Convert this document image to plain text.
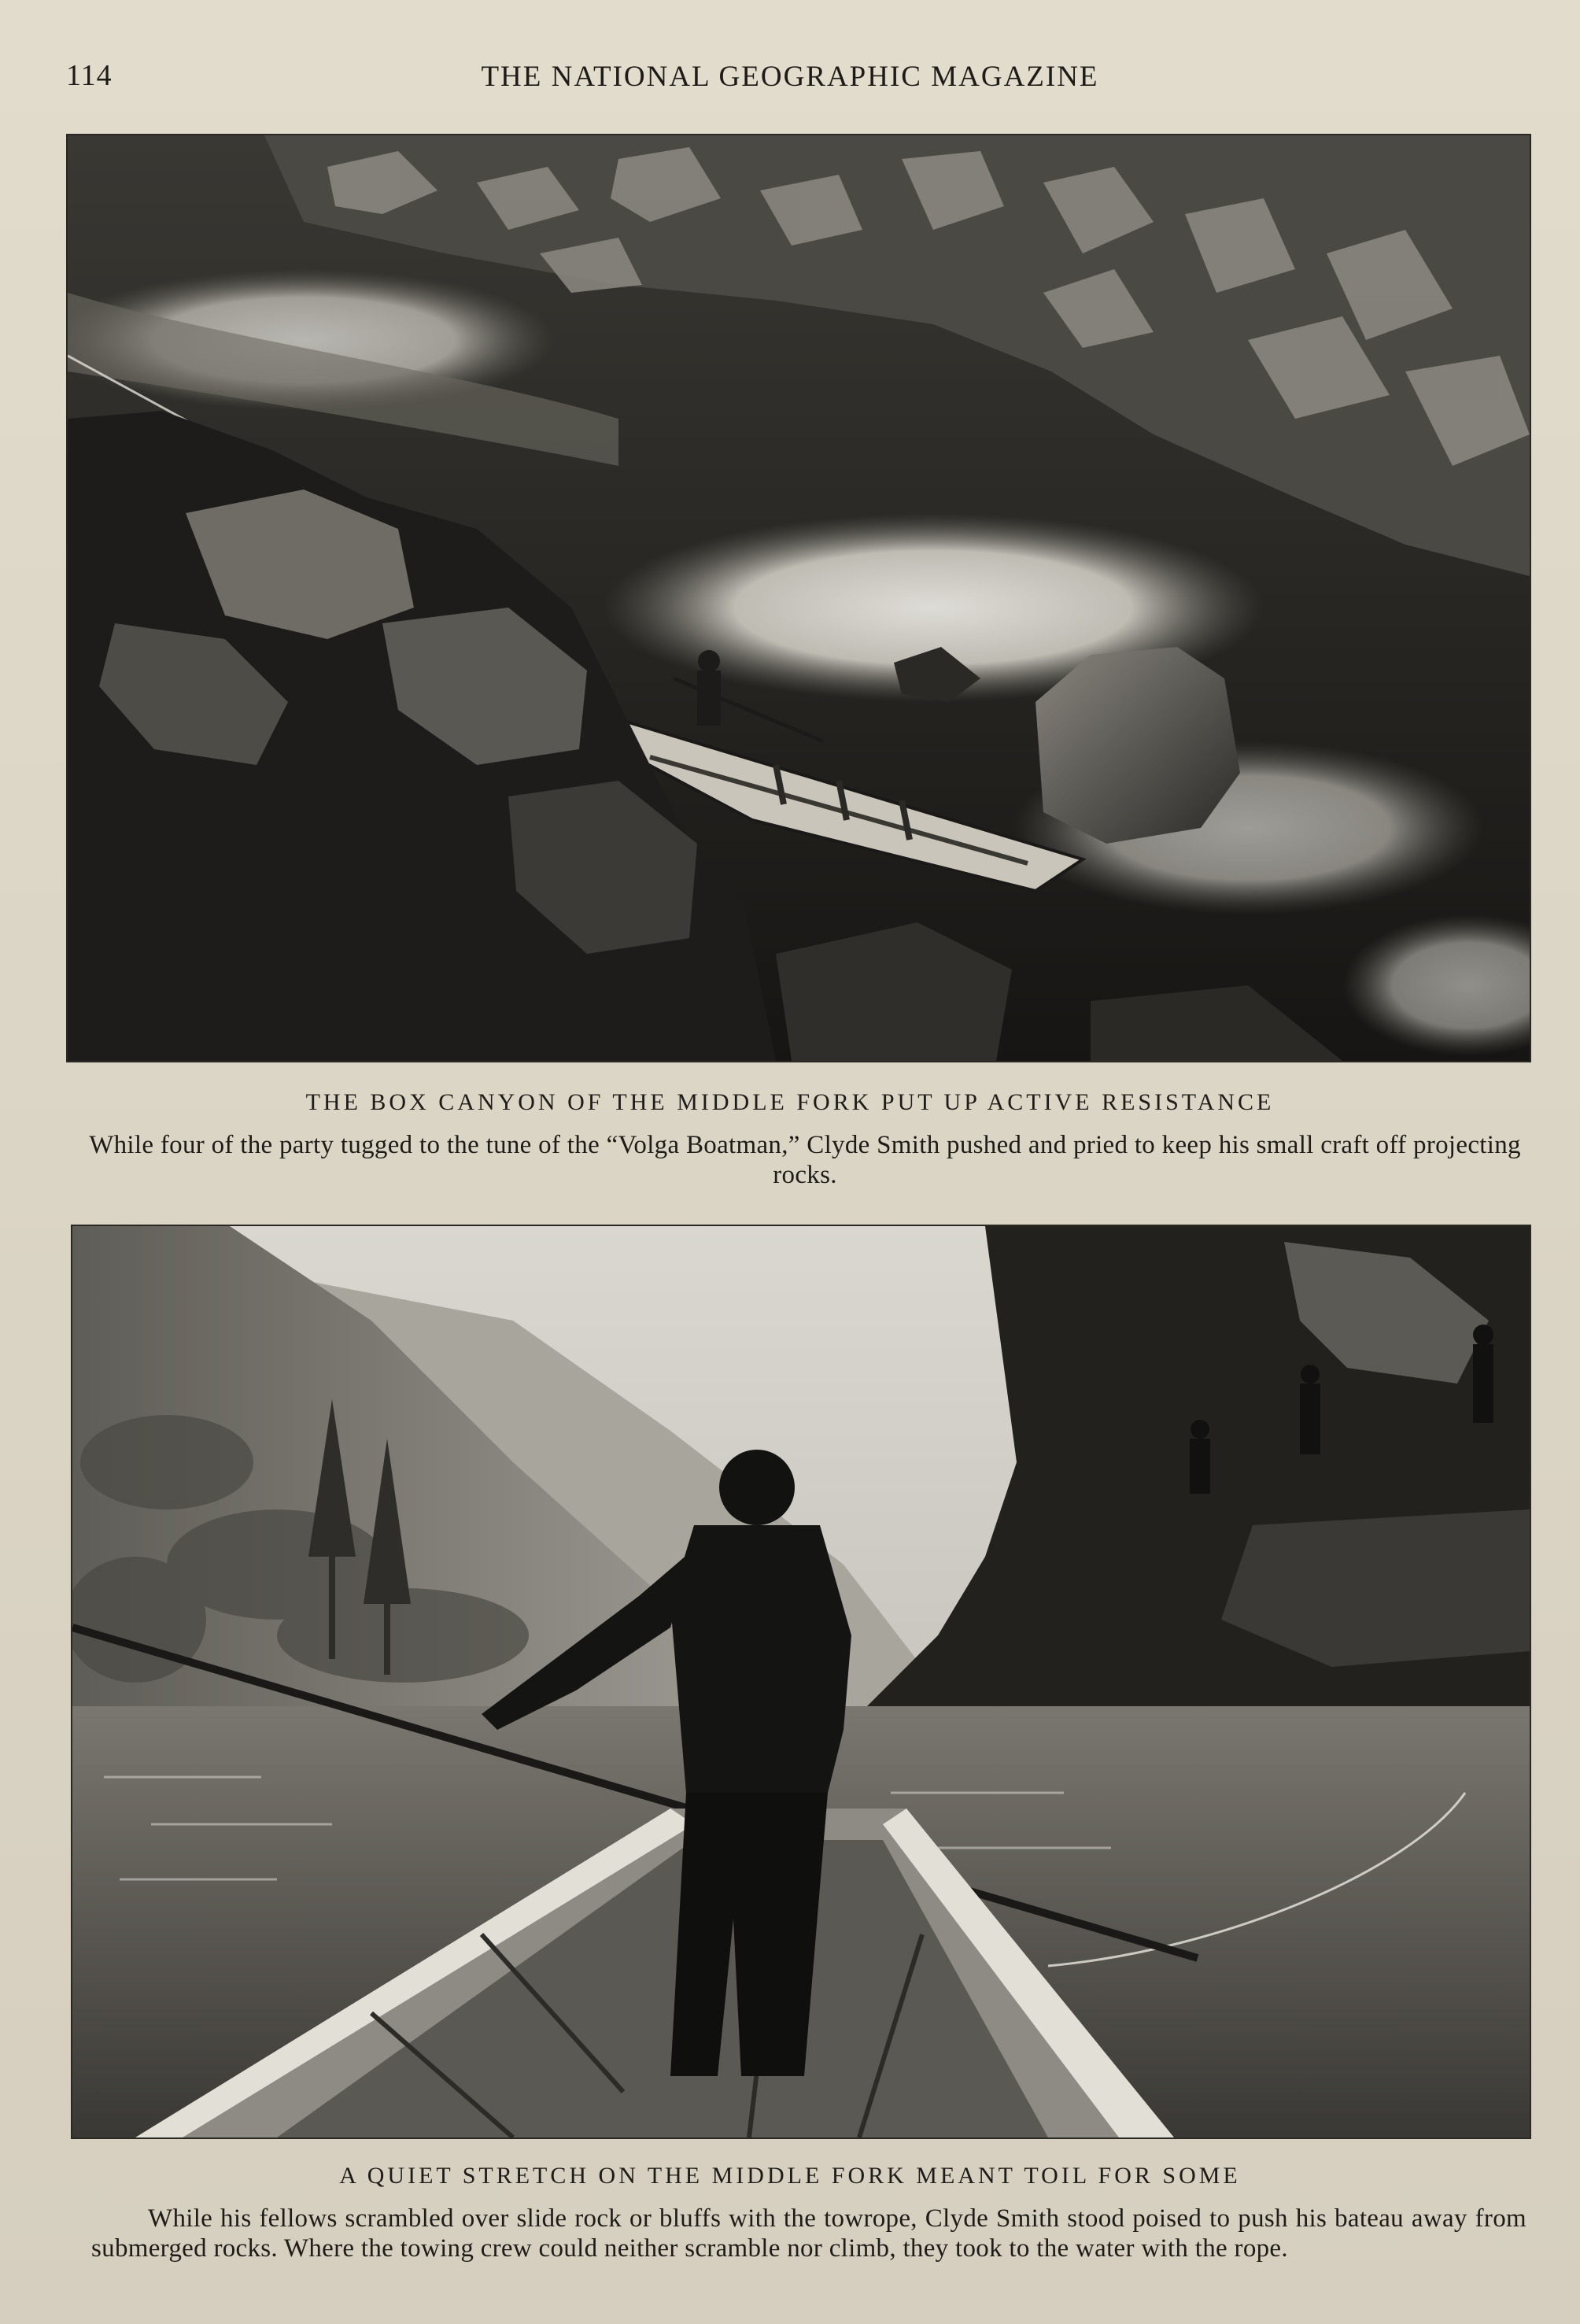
114	THE NATIONAL GEOGRAPHIC MAGAZINE
THE BOX CANYON OF THE MIDDLE FORK PUT UP ACTIVE RESISTANCE
While four of the party tugged to the tune of the “Volga Boatman,” Clyde Smith pushed and pried to keep his small craft off projecting rocks.
A QUIET STRETCH ON THE MIDDLE FORK MEANT TOIL FOR SOME
While his fellows scrambled over slide rock or bluffs with the towrope, Clyde Smith stood poised to push his bateau away from submerged rocks. Where the towing crew could neither scramble nor climb, they took to the water with the rope.
